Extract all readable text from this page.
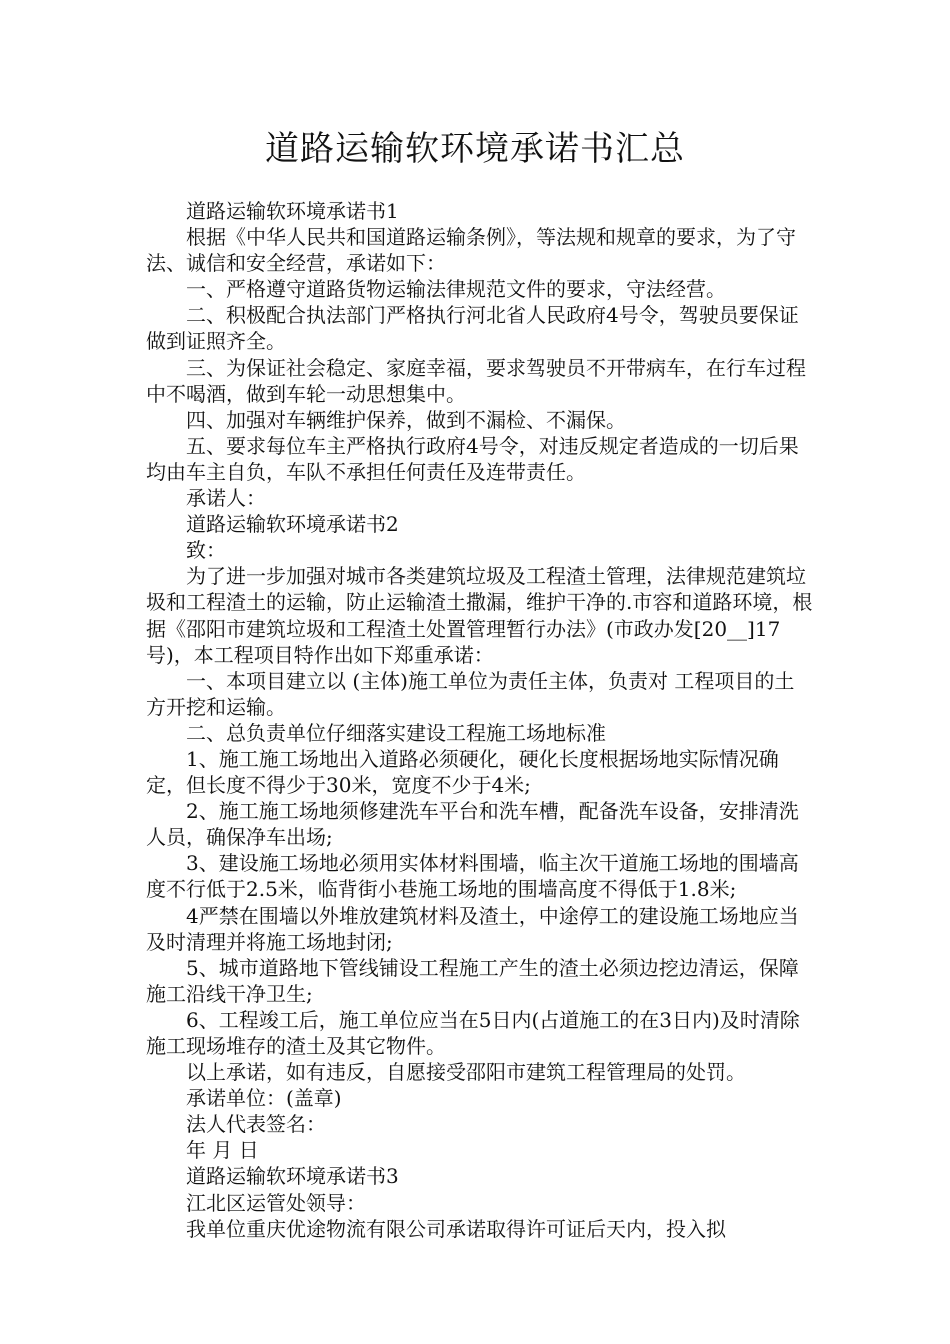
道路运输软环境承诺书汇总

道路运输软环境承诺书1

根据《中华人民共和国道路运输条例》，等法规和规章的要求，为了守法、诚信和安全经营，承诺如下：

一、严格遵守道路货物运输法律规范文件的要求，守法经营。

二、积极配合执法部门严格执行河北省人民政府4号令，驾驶员要保证做到证照齐全。

三、为保证社会稳定、家庭幸福，要求驾驶员不开带病车，在行车过程中不喝酒，做到车轮一动思想集中。

四、加强对车辆维护保养，做到不漏检、不漏保。

五、要求每位车主严格执行政府4号令，对违反规定者造成的一切后果均由车主自负，车队不承担任何责任及连带责任。

承诺人：

道路运输软环境承诺书2

致：

为了进一步加强对城市各类建筑垃圾及工程渣土管理，法律规范建筑垃圾和工程渣土的运输，防止运输渣土撒漏，维护干净的.市容和道路环境，根据《邵阳市建筑垃圾和工程渣土处置管理暂行办法》(市政办发[20__]17号)，本工程项目特作出如下郑重承诺：

一、本项目建立以 (主体)施工单位为责任主体，负责对 工程项目的土方开挖和运输。

二、总负责单位仔细落实建设工程施工场地标准

1、施工施工场地出入道路必须硬化，硬化长度根据场地实际情况确定，但长度不得少于30米，宽度不少于4米;

2、施工施工场地须修建洗车平台和洗车槽，配备洗车设备，安排清洗人员，确保净车出场;

3、建设施工场地必须用实体材料围墙，临主次干道施工场地的围墙高度不行低于2.5米，临背街小巷施工场地的围墙高度不得低于1.8米;

4严禁在围墙以外堆放建筑材料及渣土，中途停工的建设施工场地应当及时清理并将施工场地封闭;

5、城市道路地下管线铺设工程施工产生的渣土必须边挖边清运，保障施工沿线干净卫生;

6、工程竣工后，施工单位应当在5日内(占道施工的在3日内)及时清除施工现场堆存的渣土及其它物件。

以上承诺，如有违反，自愿接受邵阳市建筑工程管理局的处罚。

承诺单位：(盖章)

法人代表签名：

年 月 日

道路运输软环境承诺书3

江北区运管处领导：

我单位重庆优途物流有限公司承诺取得许可证后天内，投入拟
